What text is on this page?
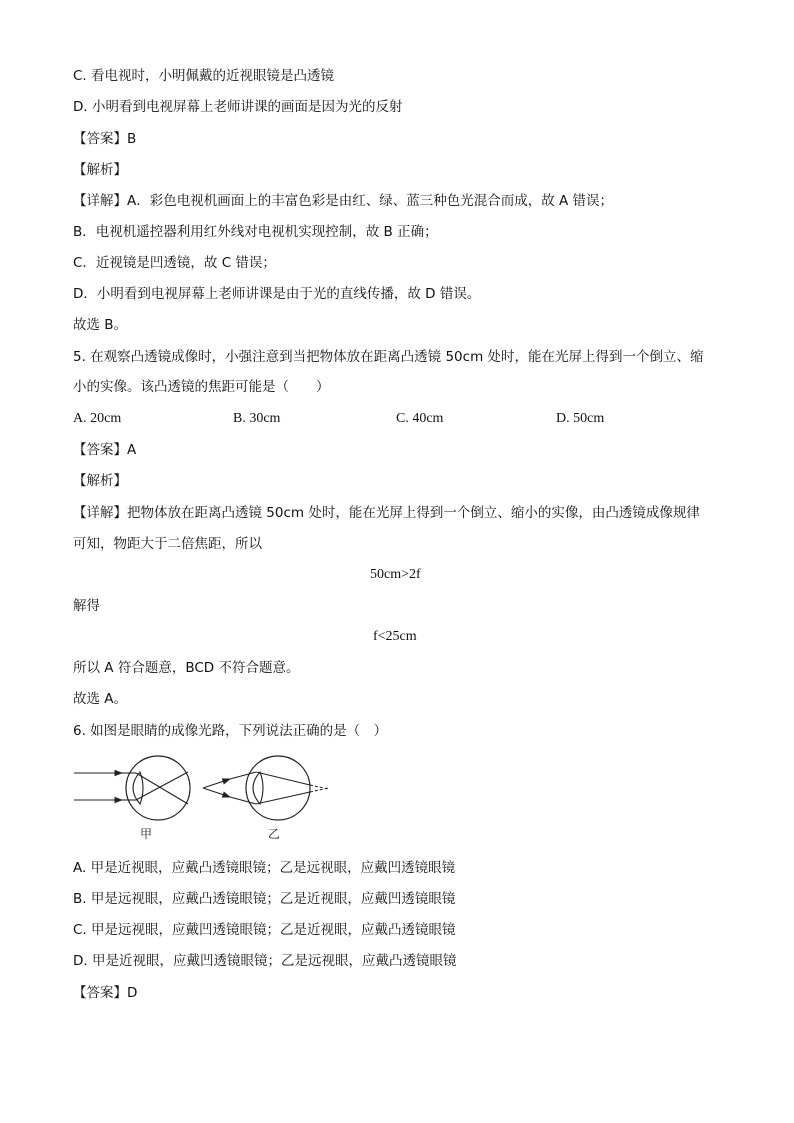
C. 看电视时，小明佩戴的近视眼镜是凸透镜
D. 小明看到电视屏幕上老师讲课的画面是因为光的反射
【答案】B
【解析】
【详解】A．彩色电视机画面上的丰富色彩是由红、绿、蓝三种色光混合而成，故 A 错误；
B．电视机遥控器利用红外线对电视机实现控制，故 B 正确；
C．近视镜是凹透镜，故 C 错误；
D．小明看到电视屏幕上老师讲课是由于光的直线传播，故 D 错误。
故选 B。
5. 在观察凸透镜成像时，小强注意到当把物体放在距离凸透镜 50cm 处时，能在光屏上得到一个倒立、缩
小的实像。该凸透镜的焦距可能是（　　）
A. 20cm	B. 30cm	C. 40cm	D. 50cm
【答案】A
【解析】
【详解】把物体放在距离凸透镜 50cm 处时，能在光屏上得到一个倒立、缩小的实像，由凸透镜成像规律
可知，物距大于二倍焦距，所以
50cm>2f
解得
f<25cm
所以 A 符合题意，BCD 不符合题意。
故选 A。
6. 如图是眼睛的成像光路，下列说法正确的是（　）
甲	乙
A. 甲是近视眼，应戴凸透镜眼镜；乙是远视眼，应戴凹透镜眼镜
B. 甲是远视眼，应戴凸透镜眼镜；乙是近视眼，应戴凹透镜眼镜
C. 甲是远视眼，应戴凹透镜眼镜；乙是近视眼，应戴凸透镜眼镜
D. 甲是近视眼，应戴凹透镜眼镜；乙是远视眼，应戴凸透镜眼镜
【答案】D
